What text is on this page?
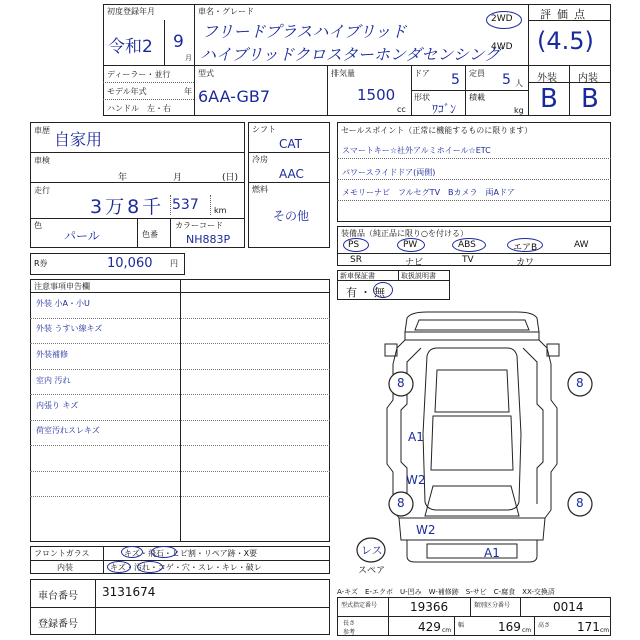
初度登録年月
令和2 9
月
車名・グレード
フリードプラスハイブリッド
ハイブリッドクロスターホンダセンシング
2WD
4WD
評価点
(4.5)
ディーラー・並行
モデル年式	年
ハンドル　左・右
型式
6AA-GB7
排気量
1500
cc
ドア 5
形状
ﾜｺﾞﾝ
定員 5 人
積載
kg
外装 内装
B B
車歴 自家用
車検
年	月	(日)
走行
3万8千 537 km
色
パール	色番
カラーコード
NH883P
シフト
CAT
冷房
AAC
燃料
その他
R券	10,060 円
セールスポイント（正常に機能するものに限ります）
スマートキー☆社外アルミホイール☆ETC
パワースライドドア(両側)
メモリーナビ　フルセグTV　Bカメラ　両Aドア
装備品（純正品に限り○を付ける）
PS	PW	ABS	エアB	AW
SR	ナビ	TV	カワ
新車保証書	取扱説明書
有・無
注意事項申告欄
外装 小A・小U
外装 うすい線キズ
外装補修
室内 汚れ
内張り キズ
荷室汚れスレキズ
フロントガラス	キズ・飛石・ヒビ割・リペア跡・X要
内装	キズ・汚れ・コゲ・穴・スレ・キレ・破レ
車台番号 3131674
登録番号
8	8
8	8
A1
W2
W2
A1
レス
スペア
A-キズ　E-エクボ　U-凹み　W-補修跡　S-サビ　C-腐食　XX-交換済
型式指定番号	19366	類別区分番号	0014
長さ
参考	429 cm
幅	169 cm
高さ 171 cm
